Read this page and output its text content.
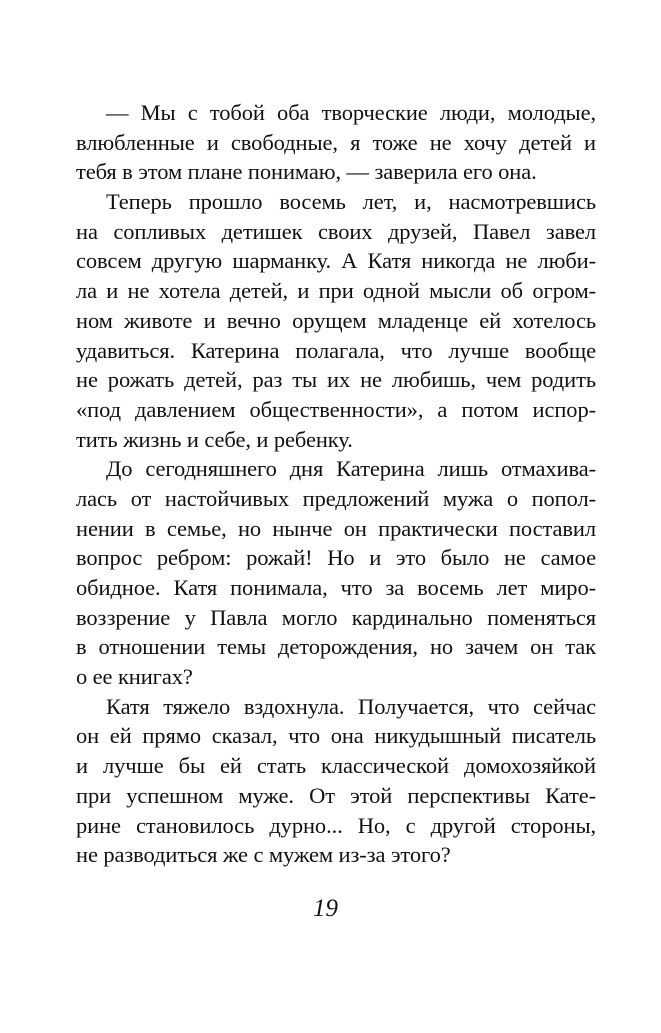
— Мы с тобой оба творческие люди, молодые,
влюбленные и свободные, я тоже не хочу детей и
тебя в этом плане понимаю, — заверила его она.
Теперь прошло восемь лет, и, насмотревшись
на сопливых детишек своих друзей, Павел завел
совсем другую шарманку. А Катя никогда не люби-
ла и не хотела детей, и при одной мысли об огром-
ном животе и вечно орущем младенце ей хотелось
удавиться. Катерина полагала, что лучше вообще
не рожать детей, раз ты их не любишь, чем родить
«под давлением общественности», а потом испор-
тить жизнь и себе, и ребенку.
До сегодняшнего дня Катерина лишь отмахива-
лась от настойчивых предложений мужа о попол-
нении в семье, но нынче он практически поставил
вопрос ребром: рожай! Но и это было не самое
обидное. Катя понимала, что за восемь лет миро-
воззрение у Павла могло кардинально поменяться
в отношении темы деторождения, но зачем он так
о ее книгах?
Катя тяжело вздохнула. Получается, что сейчас
он ей прямо сказал, что она никудышный писатель
и лучше бы ей стать классической домохозяйкой
при успешном муже. От этой перспективы Кате-
рине становилось дурно... Но, с другой стороны,
не разводиться же с мужем из-за этого?
19
